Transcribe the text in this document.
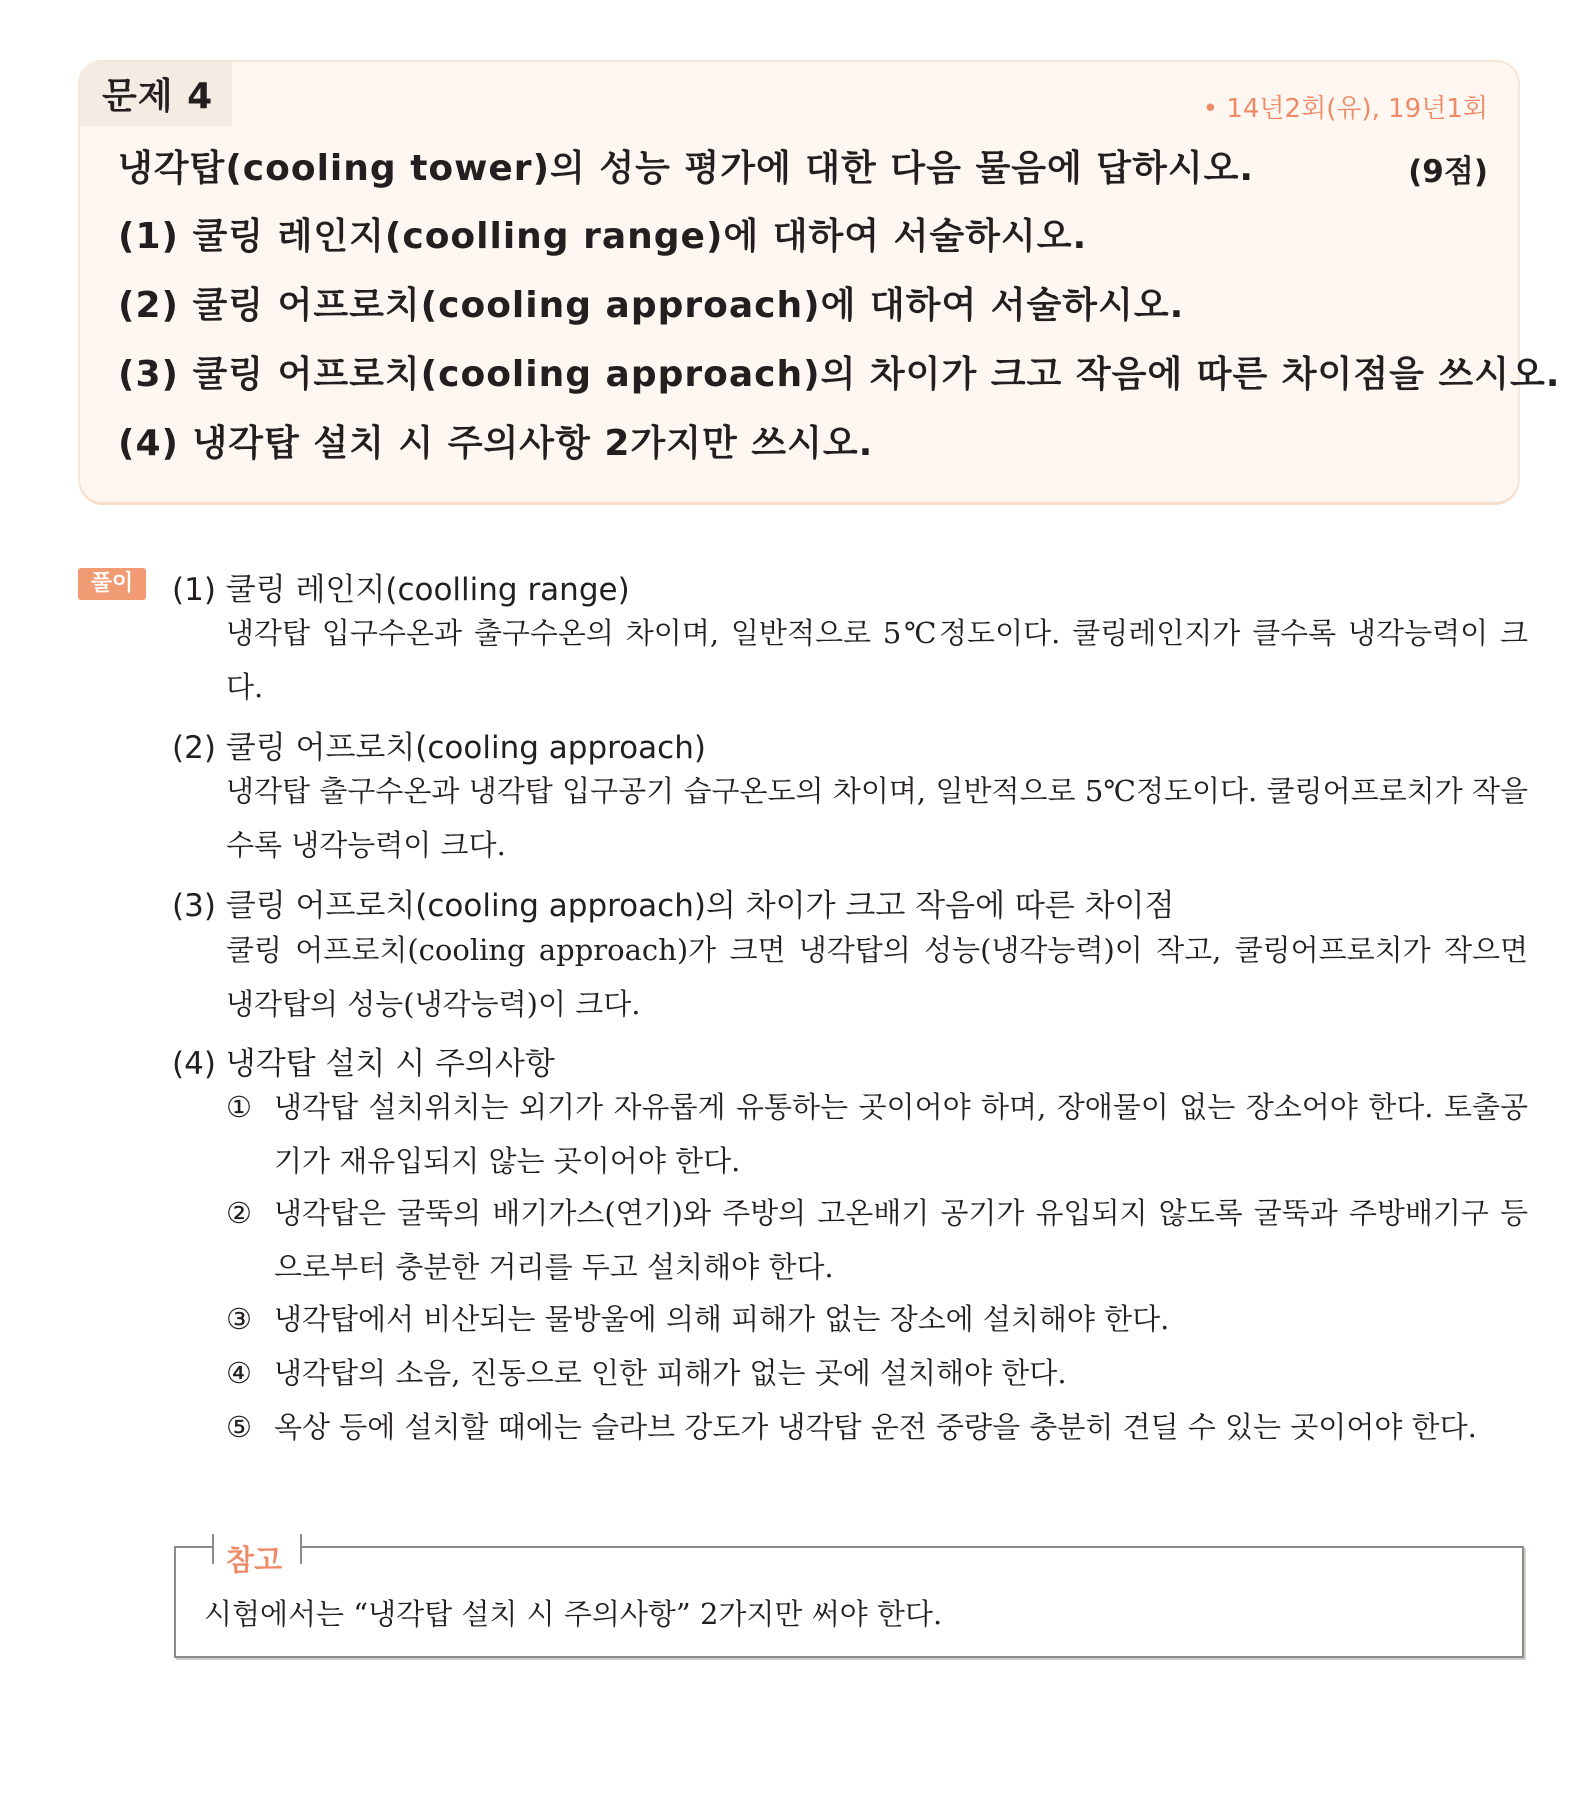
문제 4	• 14년2회(유), 19년1회
냉각탑(cooling tower)의 성능 평가에 대한 다음 물음에 답하시오.	(9점)
(1) 쿨링 레인지(coolling range)에 대하여 서술하시오.
(2) 쿨링 어프로치(cooling approach)에 대하여 서술하시오.
(3) 쿨링 어프로치(cooling approach)의 차이가 크고 작음에 따른 차이점을 쓰시오.
(4) 냉각탑 설치 시 주의사항 2가지만 쓰시오.
풀이	(1) 쿨링 레인지(coolling range)
냉각탑 입구수온과 출구수온의 차이며, 일반적으로 5℃정도이다. 쿨링레인지가 클수록 냉각능력이 크다.
(2) 쿨링 어프로치(cooling approach)
냉각탑 출구수온과 냉각탑 입구공기 습구온도의 차이며, 일반적으로 5℃정도이다. 쿨링어프로치가 작을수록 냉각능력이 크다.
(3) 클링 어프로치(cooling approach)의 차이가 크고 작음에 따른 차이점
쿨링 어프로치(cooling approach)가 크면 냉각탑의 성능(냉각능력)이 작고, 쿨링어프로치가 작으면 냉각탑의 성능(냉각능력)이 크다.
(4) 냉각탑 설치 시 주의사항
① 냉각탑 설치위치는 외기가 자유롭게 유통하는 곳이어야 하며, 장애물이 없는 장소어야 한다. 토출공기가 재유입되지 않는 곳이어야 한다.
② 냉각탑은 굴뚝의 배기가스(연기)와 주방의 고온배기 공기가 유입되지 않도록 굴뚝과 주방배기구 등으로부터 충분한 거리를 두고 설치해야 한다.
③ 냉각탑에서 비산되는 물방울에 의해 피해가 없는 장소에 설치해야 한다.
④ 냉각탑의 소음, 진동으로 인한 피해가 없는 곳에 설치해야 한다.
⑤ 옥상 등에 설치할 때에는 슬라브 강도가 냉각탑 운전 중량을 충분히 견딜 수 있는 곳이어야 한다.
참고
시험에서는 “냉각탑 설치 시 주의사항” 2가지만 써야 한다.
